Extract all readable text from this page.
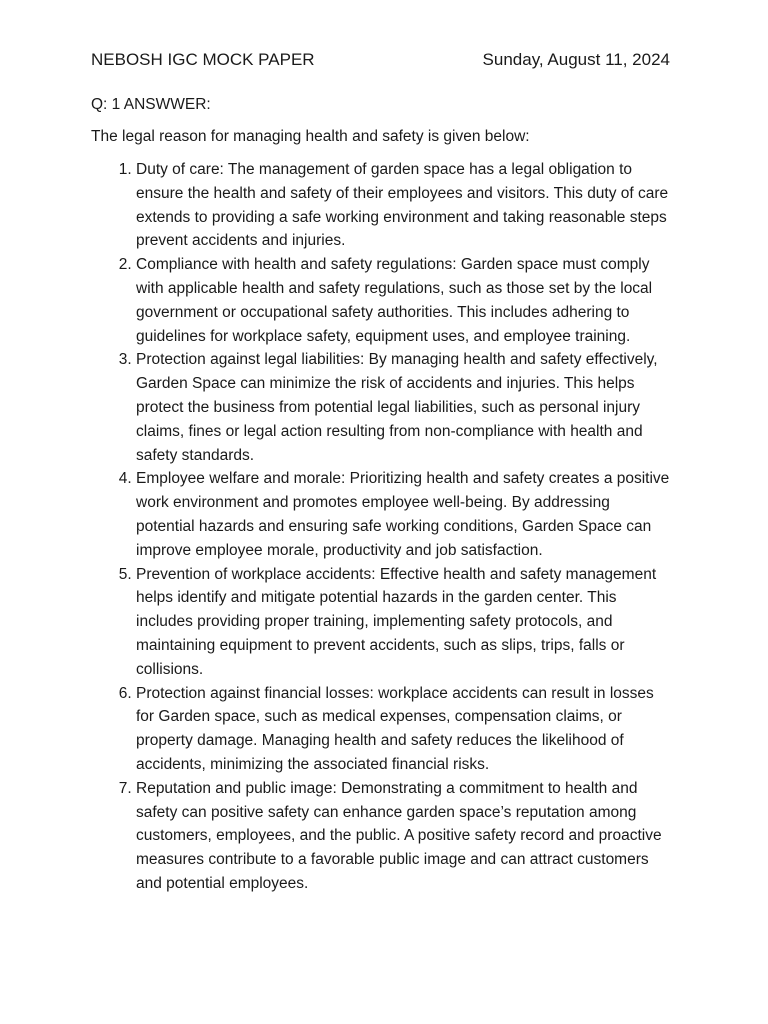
NEBOSH IGC MOCK PAPER	Sunday, August 11, 2024
Q: 1 ANSWWER:
The legal reason for managing health and safety is given below:
1. Duty of care: The management of garden space has a legal obligation to ensure the health and safety of their employees and visitors. This duty of care extends to providing a safe working environment and taking reasonable steps prevent accidents and injuries.
2. Compliance with health and safety regulations: Garden space must comply with applicable health and safety regulations, such as those set by the local government or occupational safety authorities. This includes adhering to guidelines for workplace safety, equipment uses, and employee training.
3. Protection against legal liabilities: By managing health and safety effectively, Garden Space can minimize the risk of accidents and injuries. This helps protect the business from potential legal liabilities, such as personal injury claims, fines or legal action resulting from non-compliance with health and safety standards.
4. Employee welfare and morale: Prioritizing health and safety creates a positive work environment and promotes employee well-being. By addressing potential hazards and ensuring safe working conditions, Garden Space can improve employee morale, productivity and job satisfaction.
5. Prevention of workplace accidents: Effective health and safety management helps identify and mitigate potential hazards in the garden center. This includes providing proper training, implementing safety protocols, and maintaining equipment to prevent accidents, such as slips, trips, falls or collisions.
6. Protection against financial losses: workplace accidents can result in losses for Garden space, such as medical expenses, compensation claims, or property damage. Managing health and safety reduces the likelihood of accidents, minimizing the associated financial risks.
7. Reputation and public image: Demonstrating a commitment to health and safety can positive safety can enhance garden space’s reputation among customers, employees, and the public. A positive safety record and proactive measures contribute to a favorable public image and can attract customers and potential employees.
